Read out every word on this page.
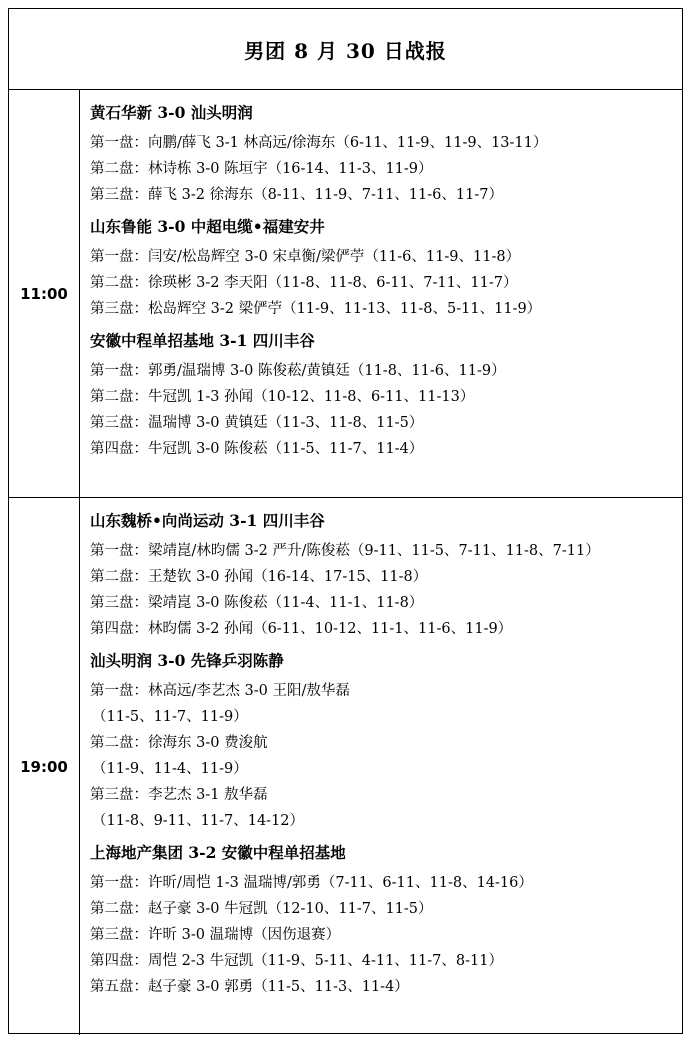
男团 8 月 30 日战报
11:00
黄石华新 3-0 汕头明润
第一盘：向鹏/薛飞 3-1 林高远/徐海东（6-11、11-9、11-9、13-11）
第二盘：林诗栋 3-0 陈垣宇（16-14、11-3、11-9）
第三盘：薛飞 3-2 徐海东（8-11、11-9、7-11、11-6、11-7）
山东鲁能 3-0 中超电缆•福建安井
第一盘：闫安/松岛辉空 3-0 宋卓衡/梁俨苧（11-6、11-9、11-8）
第二盘：徐瑛彬 3-2 李天阳（11-8、11-8、6-11、7-11、11-7）
第三盘：松岛辉空 3-2 梁俨苧（11-9、11-13、11-8、5-11、11-9）
安徽中程单招基地 3-1 四川丰谷
第一盘：郭勇/温瑞博 3-0 陈俊菘/黄镇廷（11-8、11-6、11-9）
第二盘：牛冠凯 1-3 孙闻（10-12、11-8、6-11、11-13）
第三盘：温瑞博 3-0 黄镇廷（11-3、11-8、11-5）
第四盘：牛冠凯 3-0 陈俊菘（11-5、11-7、11-4）
19:00
山东魏桥•向尚运动 3-1 四川丰谷
第一盘：梁靖崑/林昀儒 3-2 严升/陈俊菘（9-11、11-5、7-11、11-8、7-11）
第二盘：王楚钦 3-0 孙闻（16-14、17-15、11-8）
第三盘：梁靖崑 3-0 陈俊菘（11-4、11-1、11-8）
第四盘：林昀儒 3-2 孙闻（6-11、10-12、11-1、11-6、11-9）
汕头明润 3-0 先锋乒羽陈静
第一盘：林高远/李艺杰 3-0 王阳/敖华磊
（11-5、11-7、11-9）
第二盘：徐海东 3-0 费浚航
（11-9、11-4、11-9）
第三盘：李艺杰 3-1 敖华磊
（11-8、9-11、11-7、14-12）
上海地产集团 3-2 安徽中程单招基地
第一盘：许昕/周恺 1-3 温瑞博/郭勇（7-11、6-11、11-8、14-16）
第二盘：赵子豪 3-0 牛冠凯（12-10、11-7、11-5）
第三盘：许昕 3-0 温瑞博（因伤退赛）
第四盘：周恺 2-3 牛冠凯（11-9、5-11、4-11、11-7、8-11）
第五盘：赵子豪 3-0 郭勇（11-5、11-3、11-4）
